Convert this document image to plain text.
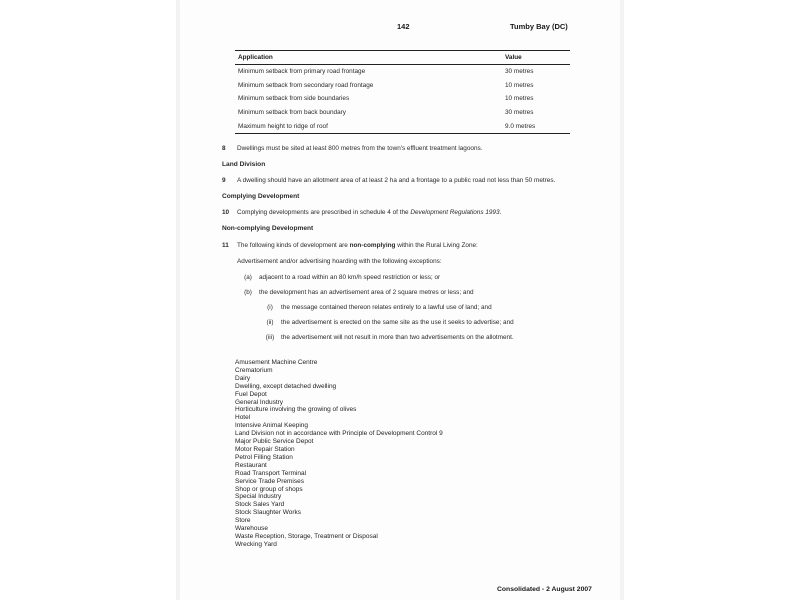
142	Tumby Bay (DC)
Application	Value
Minimum setback from primary road frontage	30 metres
Minimum setback from secondary road frontage	10 metres
Minimum setback from side boundaries	10 metres
Minimum setback from back boundary	30 metres
Maximum height to ridge of roof	9.0 metres
8	Dwellings must be sited at least 800 metres from the town's effluent treatment lagoons.
Land Division
9	A dwelling should have an allotment area of at least 2 ha and a frontage to a public road not less than 50 metres.
Complying Development
10	Complying developments are prescribed in schedule 4 of the Development Regulations 1993.
Non-complying Development
11	The following kinds of development are non-complying within the Rural Living Zone:
Advertisement and/or advertising hoarding with the following exceptions:
(a)	adjacent to a road within an 80 km/h speed restriction or less; or
(b)	the development has an advertisement area of 2 square metres or less; and
(i)	the message contained thereon relates entirely to a lawful use of land; and
(ii)	the advertisement is erected on the same site as the use it seeks to advertise; and
(iii)	the advertisement will not result in more than two advertisements on the allotment.
Amusement Machine Centre
Crematorium
Dairy
Dwelling, except detached dwelling
Fuel Depot
General Industry
Horticulture involving the growing of olives
Hotel
Intensive Animal Keeping
Land Division not in accordance with Principle of Development Control 9
Major Public Service Depot
Motor Repair Station
Petrol Filling Station
Restaurant
Road Transport Terminal
Service Trade Premises
Shop or group of shops
Special Industry
Stock Sales Yard
Stock Slaughter Works
Store
Warehouse
Waste Reception, Storage, Treatment or Disposal
Wrecking Yard
Consolidated - 2 August 2007
